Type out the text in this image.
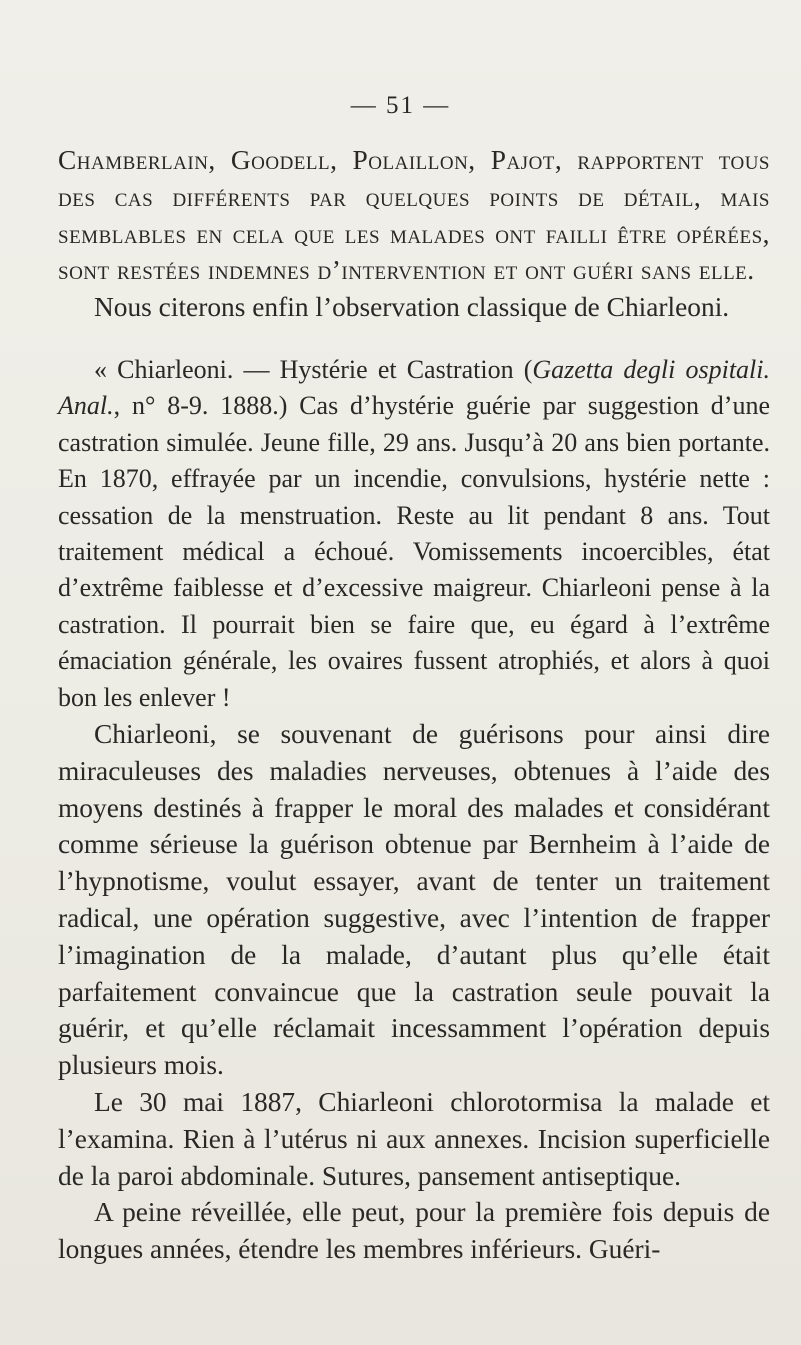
— 51 —

Chamberlain, Goodell, Polaillon, Pajot, rapportent tous des cas différents par quelques points de détail, mais semblables en cela que les malades ont failli être opérées, sont restées indemnes d’intervention et ont guéri sans elle.

Nous citerons enfin l’observation classique de Chiarleoni.

« Chiarleoni. — Hystérie et Castration (Gazetta degli ospitali. Anal., n° 8-9. 1888.) Cas d’hystérie guérie par suggestion d’une castration simulée. Jeune fille, 29 ans. Jusqu’à 20 ans bien portante. En 1870, effrayée par un incendie, convulsions, hystérie nette : cessation de la menstruation. Reste au lit pendant 8 ans. Tout traitement médical a échoué. Vomissements incoercibles, état d’extrême faiblesse et d’excessive maigreur. Chiarleoni pense à la castration. Il pourrait bien se faire que, eu égard à l’extrême émaciation générale, les ovaires fussent atrophiés, et alors à quoi bon les enlever !

Chiarleoni, se souvenant de guérisons pour ainsi dire miraculeuses des maladies nerveuses, obtenues à l’aide des moyens destinés à frapper le moral des malades et considérant comme sérieuse la guérison obtenue par Bernheim à l’aide de l’hypnotisme, voulut essayer, avant de tenter un traitement radical, une opération suggestive, avec l’intention de frapper l’imagination de la malade, d’autant plus qu’elle était parfaitement convaincue que la castration seule pouvait la guérir, et qu’elle réclamait incessamment l’opération depuis plusieurs mois.

Le 30 mai 1887, Chiarleoni chlorotormisa la malade et l’examina. Rien à l’utérus ni aux annexes. Incision superficielle de la paroi abdominale. Sutures, pansement antiseptique.

A peine réveillée, elle peut, pour la première fois depuis de longues années, étendre les membres inférieurs. Guéri-
